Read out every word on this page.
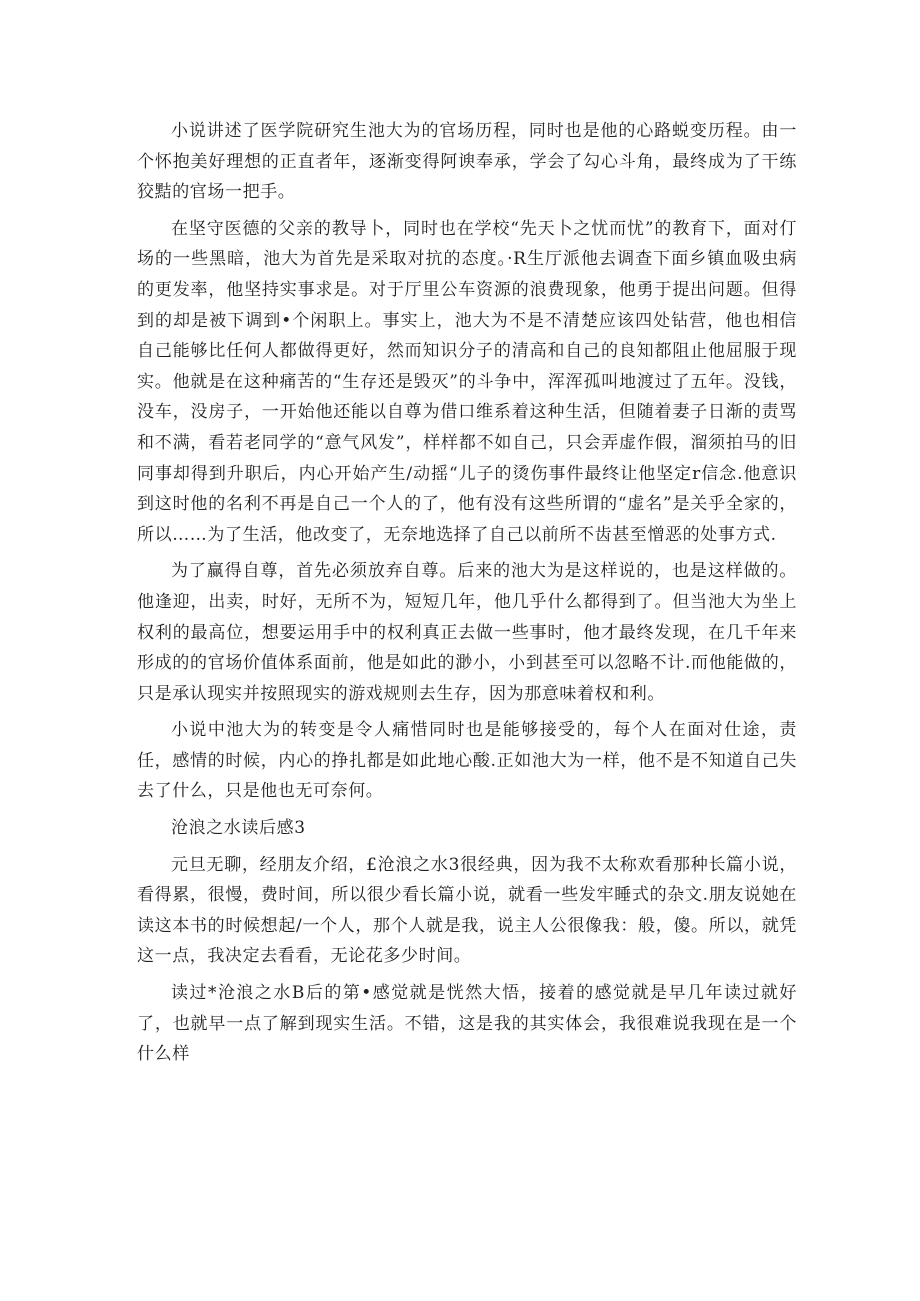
小说讲述了医学院研究生池大为的官场历程，同时也是他的心路蜕变历程。由一个怀抱美好理想的正直者年，逐渐变得阿谀奉承，学会了勾心斗角，最终成为了干练狡黠的官场一把手。

在坚守医德的父亲的教导卜，同时也在学校“先天卜之忧而忧”的教育下，面对仃场的一些黑暗，池大为首先是采取对抗的态度。·R生厅派他去调查下面乡镇血吸虫病的更发率，他坚持实事求是。对于厅里公车资源的浪费现象，他勇于提出问题。但得到的却是被下调到•个闲职上。事实上，池大为不是不清楚应该四处钻营，他也相信自己能够比任何人都做得更好，然而知识分子的清高和自己的良知都阻止他屈服于现实。他就是在这种痛苦的“生存还是毁灭”的斗争中，浑浑孤叫地渡过了五年。没钱，没车，没房子，一开始他还能以自尊为借口维系着这种生活，但随着妻子日渐的责骂和不满，看若老同学的“意气风发”，样样都不如自己，只会弄虚作假，溜须拍马的旧同事却得到升职后，内心开始产生/动摇“儿子的烫伤事件最终让他坚定r信念.他意识到这时他的名利不再是自己一个人的了，他有没有这些所谓的“虚名”是关乎全家的，所以……为了生活，他改变了，无奈地选择了自己以前所不齿甚至憎恶的处事方式.

为了赢得自尊，首先必须放弃自尊。后来的池大为是这样说的，也是这样做的。他逢迎，出卖，时好，无所不为，短短几年，他几乎什么都得到了。但当池大为坐上权利的最高位，想要运用手中的权利真正去做一些事时，他才最终发现，在几千年来形成的的官场价值体系面前，他是如此的渺小，小到甚至可以忽略不计.而他能做的，只是承认现实并按照现实的游戏规则去生存，因为那意味着权和利。

小说中池大为的转变是令人痛惜同时也是能够接受的，每个人在面对仕途，责任，感情的时候，内心的挣扎都是如此地心酸.正如池大为一样，他不是不知道自己失去了什么，只是他也无可奈何。

沧浪之水读后感3

元旦无聊，经朋友介绍，£沧浪之水3很经典，因为我不太称欢看那种长篇小说，看得累，很慢，费时间，所以很少看长篇小说，就看一些发牢睡式的杂文.朋友说她在读这本书的时候想起/一个人，那个人就是我，说主人公很像我：般，傻。所以，就凭这一点，我决定去看看，无论花多少时间。

读过*沧浪之水B后的第•感觉就是恍然大悟，接着的感觉就是早几年读过就好了，也就早一点了解到现实生活。不错，这是我的其实体会，我很难说我现在是一个什么样
